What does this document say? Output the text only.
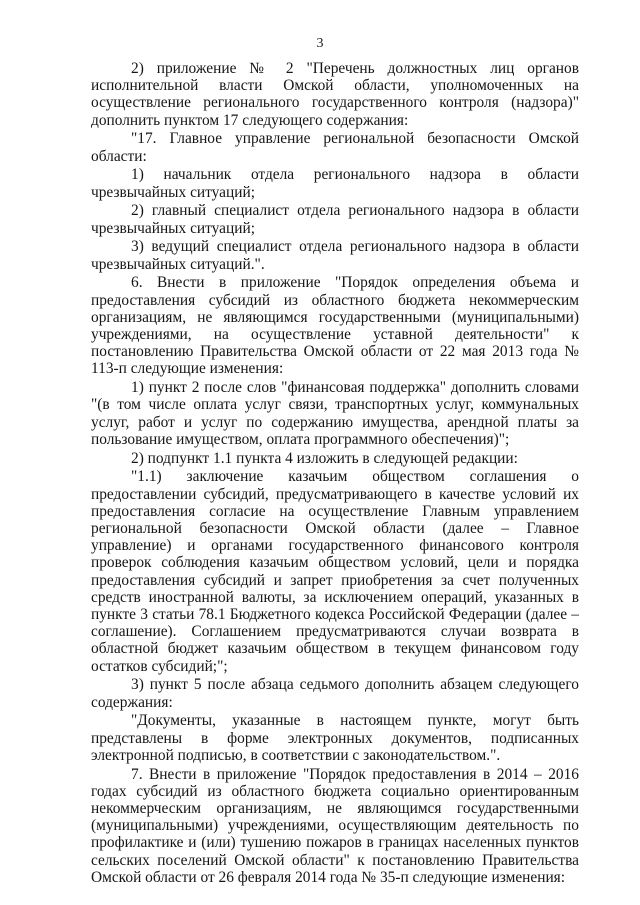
3

2) приложение № 2 "Перечень должностных лиц органов исполнительной власти Омской области, уполномоченных на осуществление регионального государственного контроля (надзора)" дополнить пунктом 17 следующего содержания:

"17. Главное управление региональной безопасности Омской области:

1) начальник отдела регионального надзора в области чрезвычайных ситуаций;

2) главный специалист отдела регионального надзора в области чрезвычайных ситуаций;

3) ведущий специалист отдела регионального надзора в области чрезвычайных ситуаций.".

6. Внести в приложение "Порядок определения объема и предоставления субсидий из областного бюджета некоммерческим организациям, не являющимся государственными (муниципальными) учреждениями, на осуществление уставной деятельности" к постановлению Правительства Омской области от 22 мая 2013 года № 113-п следующие изменения:

1) пункт 2 после слов "финансовая поддержка" дополнить словами "(в том числе оплата услуг связи, транспортных услуг, коммунальных услуг, работ и услуг по содержанию имущества, арендной платы за пользование имуществом, оплата программного обеспечения)";

2) подпункт 1.1 пункта 4 изложить в следующей редакции:

"1.1) заключение казачьим обществом соглашения о предоставлении субсидий, предусматривающего в качестве условий их предоставления согласие на осуществление Главным управлением региональной безопасности Омской области (далее – Главное управление) и органами государственного финансового контроля проверок соблюдения казачьим обществом условий, цели и порядка предоставления субсидий и запрет приобретения за счет полученных средств иностранной валюты, за исключением операций, указанных в пункте 3 статьи 78.1 Бюджетного кодекса Российской Федерации (далее – соглашение). Соглашением предусматриваются случаи возврата в областной бюджет казачьим обществом в текущем финансовом году остатков субсидий;";

3) пункт 5 после абзаца седьмого дополнить абзацем следующего содержания:

"Документы, указанные в настоящем пункте, могут быть представлены в форме электронных документов, подписанных электронной подписью, в соответствии с законодательством.".

7. Внести в приложение "Порядок предоставления в 2014 – 2016 годах субсидий из областного бюджета социально ориентированным некоммерческим организациям, не являющимся государственными (муниципальными) учреждениями, осуществляющим деятельность по профилактике и (или) тушению пожаров в границах населенных пунктов сельских поселений Омской области" к постановлению Правительства Омской области от 26 февраля 2014 года № 35-п следующие изменения:
